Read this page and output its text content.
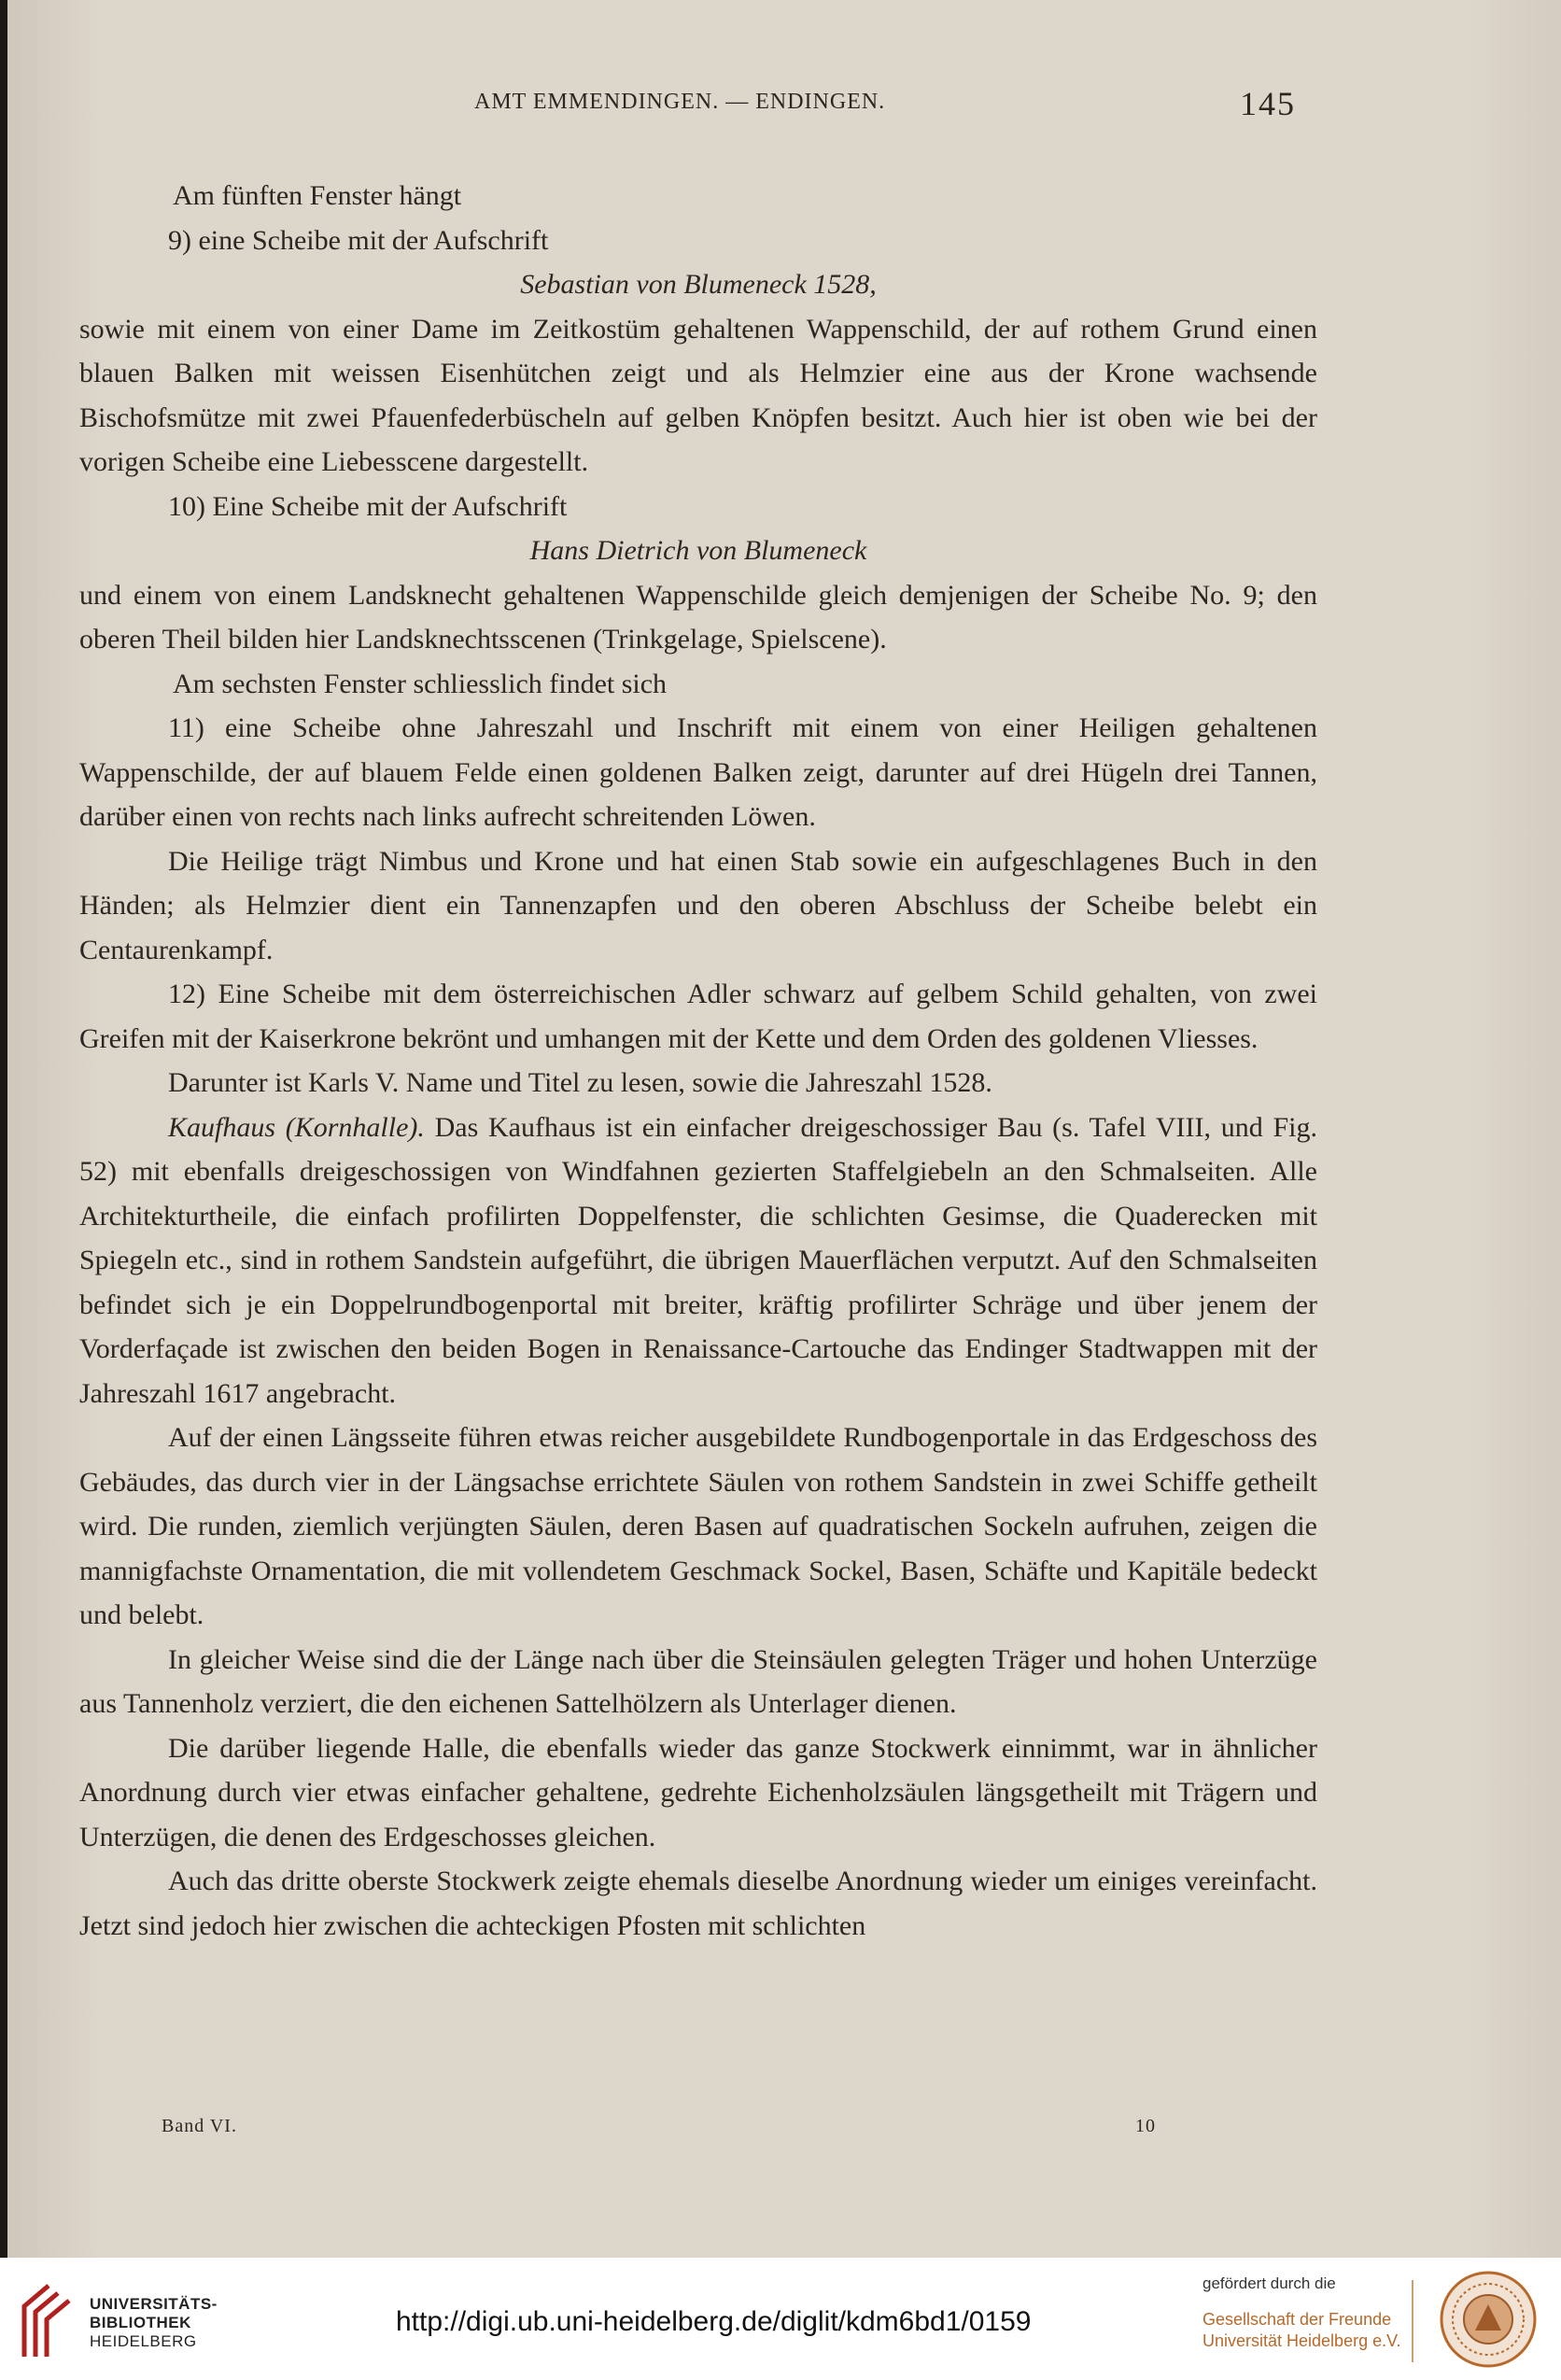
AMT EMMENDINGEN. — ENDINGEN.	145

Am fünften Fenster hängt

9) eine Scheibe mit der Aufschrift

Sebastian von Blumeneck 1528,

sowie mit einem von einer Dame im Zeitkostüm gehaltenen Wappenschild, der auf rothem Grund einen blauen Balken mit weissen Eisenhütchen zeigt und als Helmzier eine aus der Krone wachsende Bischofsmütze mit zwei Pfauenfederbüscheln auf gelben Knöpfen besitzt. Auch hier ist oben wie bei der vorigen Scheibe eine Liebesscene dargestellt.

10) Eine Scheibe mit der Aufschrift

Hans Dietrich von Blumeneck

und einem von einem Landsknecht gehaltenen Wappenschilde gleich demjenigen der Scheibe No. 9; den oberen Theil bilden hier Landsknechtsscenen (Trinkgelage, Spielscene).

Am sechsten Fenster schliesslich findet sich

11) eine Scheibe ohne Jahreszahl und Inschrift mit einem von einer Heiligen gehaltenen Wappenschilde, der auf blauem Felde einen goldenen Balken zeigt, darunter auf drei Hügeln drei Tannen, darüber einen von rechts nach links aufrecht schreitenden Löwen.

Die Heilige trägt Nimbus und Krone und hat einen Stab sowie ein aufgeschlagenes Buch in den Händen; als Helmzier dient ein Tannenzapfen und den oberen Abschluss der Scheibe belebt ein Centaurenkampf.

12) Eine Scheibe mit dem österreichischen Adler schwarz auf gelbem Schild gehalten, von zwei Greifen mit der Kaiserkrone bekrönt und umhangen mit der Kette und dem Orden des goldenen Vliesses.

Darunter ist Karls V. Name und Titel zu lesen, sowie die Jahreszahl 1528.

Kaufhaus (Kornhalle). Das Kaufhaus ist ein einfacher dreigeschossiger Bau (s. Tafel VIII, und Fig. 52) mit ebenfalls dreigeschossigen von Windfahnen gezierten Staffelgiebeln an den Schmalseiten. Alle Architekturtheile, die einfach profilirten Doppelfenster, die schlichten Gesimse, die Quaderecken mit Spiegeln etc., sind in rothem Sandstein aufgeführt, die übrigen Mauerflächen verputzt. Auf den Schmalseiten befindet sich je ein Doppelrundbogenportal mit breiter, kräftig profilirter Schräge und über jenem der Vorderfaçade ist zwischen den beiden Bogen in Renaissance-Cartouche das Endinger Stadtwappen mit der Jahreszahl 1617 angebracht.

Auf der einen Längsseite führen etwas reicher ausgebildete Rundbogenportale in das Erdgeschoss des Gebäudes, das durch vier in der Längsachse errichtete Säulen von rothem Sandstein in zwei Schiffe getheilt wird. Die runden, ziemlich verjüngten Säulen, deren Basen auf quadratischen Sockeln aufruhen, zeigen die mannigfachste Ornamentation, die mit vollendetem Geschmack Sockel, Basen, Schäfte und Kapitäle bedeckt und belebt.

In gleicher Weise sind die der Länge nach über die Steinsäulen gelegten Träger und hohen Unterzüge aus Tannenholz verziert, die den eichenen Sattelhölzern als Unterlager dienen.

Die darüber liegende Halle, die ebenfalls wieder das ganze Stockwerk einnimmt, war in ähnlicher Anordnung durch vier etwas einfacher gehaltene, gedrehte Eichenholzsäulen längsgetheilt mit Trägern und Unterzügen, die denen des Erdgeschosses gleichen.

Auch das dritte oberste Stockwerk zeigte ehemals dieselbe Anordnung wieder um einiges vereinfacht. Jetzt sind jedoch hier zwischen die achteckigen Pfosten mit schlichten

Band VI.	10
UNIVERSITÄTS-
BIBLIOTHEK
HEIDELBERG
http://digi.ub.uni-heidelberg.de/diglit/kdm6bd1/0159
gefördert durch die
Gesellschaft der Freunde
Universität Heidelberg e.V.
